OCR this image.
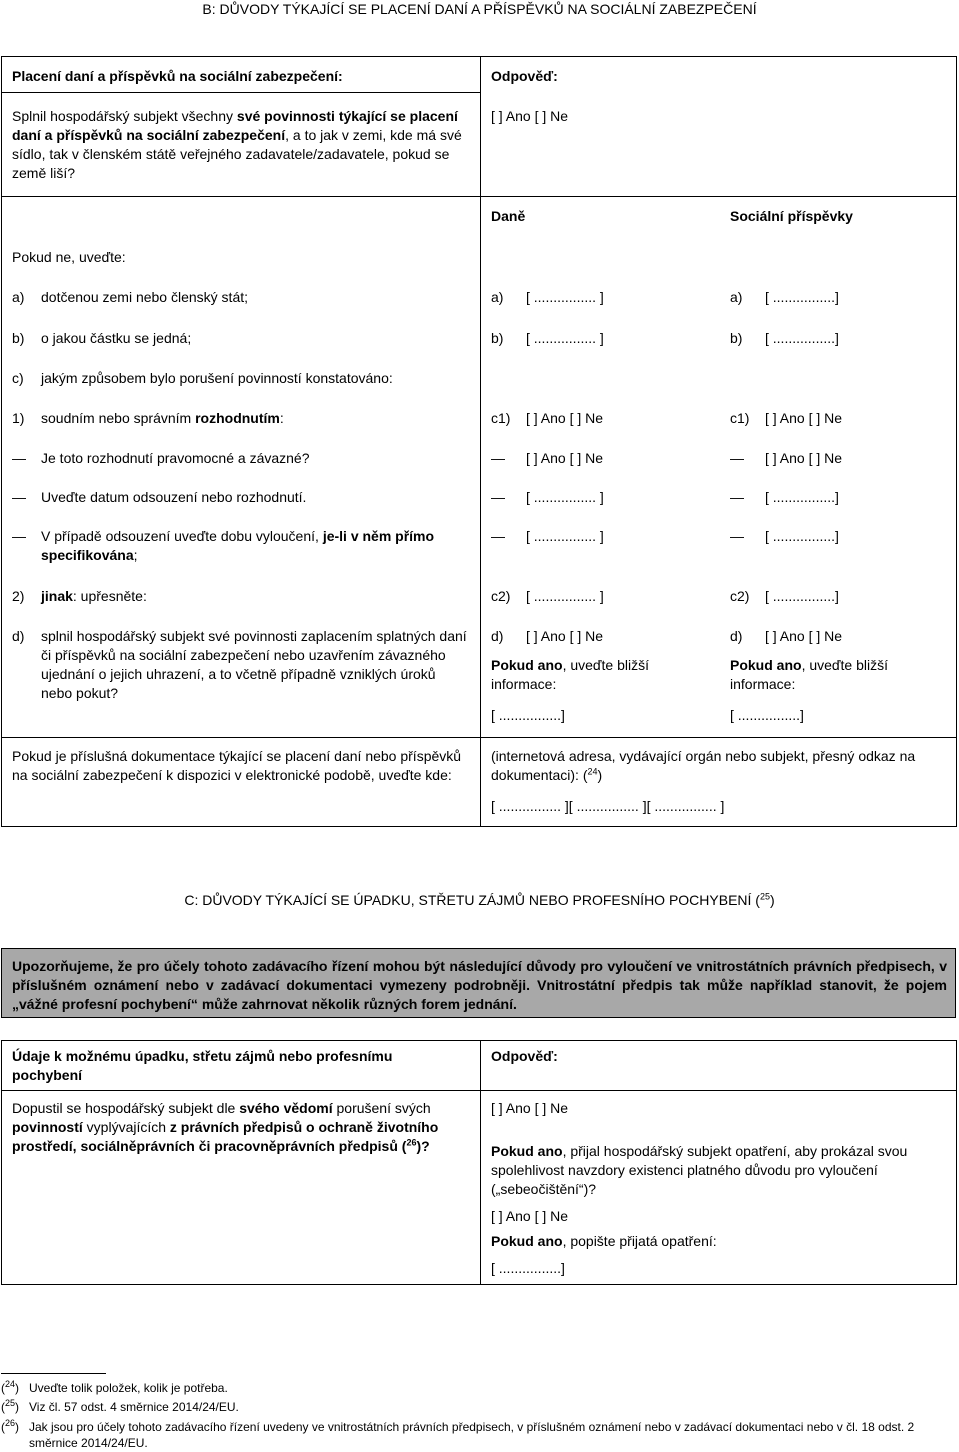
B: DŮVODY TÝKAJÍCÍ SE PLACENÍ DANÍ A PŘÍSPĚVKŮ NA SOCIÁLNÍ ZABEZPEČENÍ
Placení daní a příspěvků na sociální zabezpečení:	Odpověď:
Splnil hospodářský subjekt všechny své povinnosti týkající se placení daní a příspěvků na sociální zabezpečení, a to jak v zemi, kde má své sídlo, tak v členském státě veřejného zadavatele/zadavatele, pokud se země liší?
[ ] Ano [ ] Ne
Daně	Sociální příspěvky
Pokud ne, uveďte:
a) dotčenou zemi nebo členský stát;
b) o jakou částku se jedná;
c) jakým způsobem bylo porušení povinností konstatováno:
1) soudním nebo správním rozhodnutím:
— Je toto rozhodnutí pravomocné a závazné?
— Uveďte datum odsouzení nebo rozhodnutí.
— V případě odsouzení uveďte dobu vyloučení, je-li v něm přímo specifikována;
2) jinak: upřesněte:
d) splnil hospodářský subjekt své povinnosti zaplacením splatných daní či příspěvků na sociální zabezpečení nebo uzavřením závazného ujednání o jejich uhrazení, a to včetně případně vzniklých úroků nebo pokut?
a) [ ................ ]
b) [ ................ ]
c1) [ ] Ano [ ] Ne
— [ ] Ano [ ] Ne
— [ ................ ]
— [ ................ ]
c2) [ ................ ]
d) [ ] Ano [ ] Ne
Pokud ano, uveďte bližší informace:
[ ................]
a) [ ................]
b) [ ................]
c1) [ ] Ano [ ] Ne
— [ ] Ano [ ] Ne
— [ ................]
— [ ................]
c2) [ ................]
d) [ ] Ano [ ] Ne
Pokud ano, uveďte bližší informace:
[ ................]
Pokud je příslušná dokumentace týkající se placení daní nebo příspěvků na sociální zabezpečení k dispozici v elektronické podobě, uveďte kde:
(internetová adresa, vydávající orgán nebo subjekt, přesný odkaz na dokumentaci): ($^{24}$)
[ ................ ][ ................ ][ ................ ]
C: DŮVODY TÝKAJÍCÍ SE ÚPADKU, STŘETU ZÁJMŮ NEBO PROFESNÍHO POCHYBENÍ ($^{25}$)
Upozorňujeme, že pro účely tohoto zadávacího řízení mohou být následující důvody pro vyloučení ve vnitrostátních právních předpisech, v příslušném oznámení nebo v zadávací dokumentaci vymezeny podrobněji. Vnitrostátní předpis tak může například stanovit, že pojem „vážné profesní pochybení“ může zahrnovat několik různých forem jednání.
Údaje k možnému úpadku, střetu zájmů nebo profesnímu pochybení
Odpověď:
Dopustil se hospodářský subjekt dle svého vědomí porušení svých povinností vyplývajících z právních předpisů o ochraně životního prostředí, sociálněprávních či pracovněprávních předpisů ($^{26}$)?
[ ] Ano [ ] Ne
Pokud ano, přijal hospodářský subjekt opatření, aby prokázal svou spolehlivost navzdory existenci platného důvodu pro vyloučení („sebeočištění“)?
[ ] Ano [ ] Ne
Pokud ano, popište přijatá opatření:
[ ................]
($^{24}$) Uveďte tolik položek, kolik je potřeba.
($^{25}$) Viz čl. 57 odst. 4 směrnice 2014/24/EU.
($^{26}$) Jak jsou pro účely tohoto zadávacího řízení uvedeny ve vnitrostátních právních předpisech, v příslušném oznámení nebo v zadávací dokumentaci nebo v čl. 18 odst. 2 směrnice 2014/24/EU.
